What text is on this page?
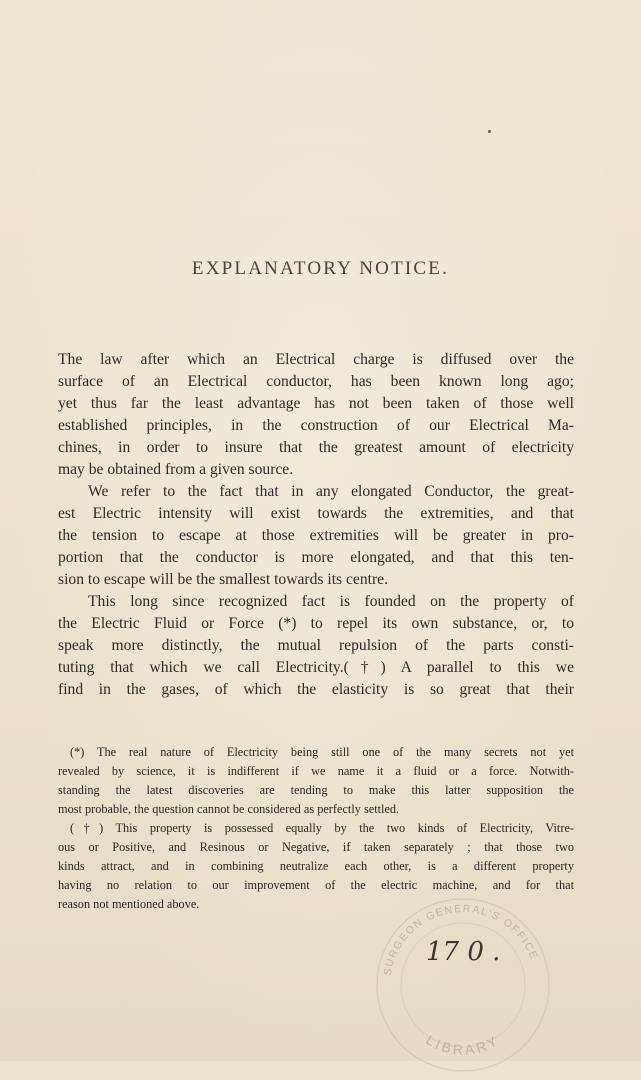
EXPLANATORY NOTICE.
The law after which an Electrical charge is diffused over the
surface of an Electrical conductor, has been known long ago;
yet thus far the least advantage has not been taken of those well
established principles, in the construction of our Electrical Ma-
chines, in order to insure that the greatest amount of electricity
may be obtained from a given source.
We refer to the fact that in any elongated Conductor, the great-
est Electric intensity will exist towards the extremities, and that
the tension to escape at those extremities will be greater in pro-
portion that the conductor is more elongated, and that this ten-
sion to escape will be the smallest towards its centre.
This long since recognized fact is founded on the property of
the Electric Fluid or Force (*) to repel its own substance, or, to
speak more distinctly, the mutual repulsion of the parts consti-
tuting that which we call Electricity.(†) A parallel to this we
find in the gases, of which the elasticity is so great that their
(*) The real nature of Electricity being still one of the many secrets not yet
revealed by science, it is indifferent if we name it a fluid or a force. Notwith-
standing the latest discoveries are tending to make this latter supposition the
most probable, the question cannot be considered as perfectly settled.
(†) This property is possessed equally by the two kinds of Electricity, Vitre-
ous or Positive, and Resinous or Negative, if taken separately ; that those two
kinds attract, and in combining neutralize each other, is a different property
having no relation to our improvement of the electric machine, and for that
reason not mentioned above.
SURGEON GENERAL'S OFFICE
LIBRARY
17 0 .
